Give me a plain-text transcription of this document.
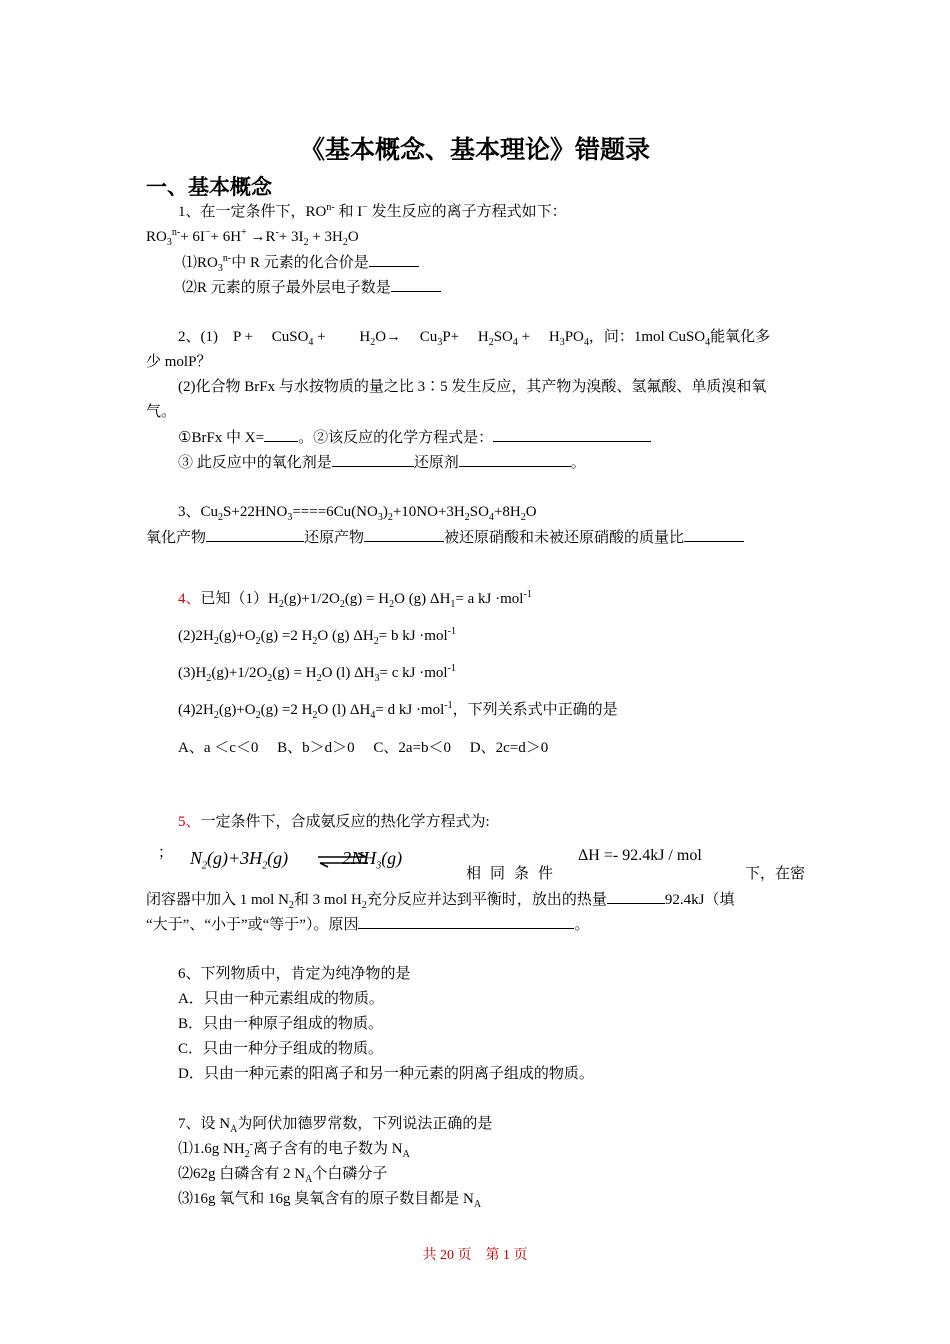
《基本概念、基本理论》错题录
一、基本概念
1、在一定条件下，$RO^{n-}$ 和 I− 发生反应的离子方程式如下：
$RO_3^{n-}+ 6I^-+ 6H^+ \to R^-+ 3I_2 + 3H_2O$
$⑴RO_3^{n-}$中 R 元素的化合价是
⑵R 元素的原子最外层电子数是
2、(1)　P +　 CuSO$_4$ +　　 $H_2O\to$　 $Cu_3P+$　 $H_2SO_4$ +　 $H_3PO_4$，问：1mol CuSO$_4$能氧化多
少 molP？
(2)化合物 BrFx 与水按物质的量之比 3∶5 发生反应，其产物为溴酸、氢氟酸、单质溴和氧
气。
①BrFx 中 X= 。②该反应的化学方程式是：
③ 此反应中的氧化剂是	还原剂	。
3、$Cu_2S+22HNO_3====6Cu(NO_3)_2+10NO+3H_2SO_4+8H_2O$
氧化产物	还原产物	被还原硝酸和未被还原硝酸的质量比
4、已知$(1)H_2(g)+1/2O_2(g) = H_2O$ (g) $\Delta H_1= a$ kJ ·mol$^{-1}$
$(2)2H_2(g)+O_2(g) =2$ $H_2O$ (g) $\Delta H_2= b$ kJ ·mol$^{-1}$
$(3)H_2(g)+1/2O_2(g) = H_2O$ (l) $\Delta H_3= c$ kJ ·mol$^{-1}$
$(4)2H_2(g)+O_2(g) =2$ $H_2O$ (l) $\Delta H_4= d$ kJ ·mol$^{-1}$，下列关系式中正确的是
A、a ＜c＜0　 B、b＞d＞0　 C、2a=b＜0　 D、2c=d＞0
5、一定条件下，合成氨反应的热化学方程式为:
； $N_2(g)+3H_2(g)$	$2NH_3(g)$
相同条件
ΔH =- 92.4kJ / mol
下，在密
闭容器中加入 1 mol $N_2$和 3 mol $H_2$充分反应并达到平衡时，放出的热量	92.4kJ（填
“大于”、“小于”或“等于”）。原因	。
6、下列物质中，肯定为纯净物的是
A．只由一种元素组成的物质。
B．只由一种原子组成的物质。
C．只由一种分子组成的物质。
D．只由一种元素的阳离子和另一种元素的阴离子组成的物质。
7、设 $N_A$为阿伏加德罗常数，下列说法正确的是
⑴1.6g $NH_2^-$离子含有的电子数为 $N_A$
⑵62g 白磷含有 2 $N_A$个白磷分子
⑶16g 氧气和 16g 臭氧含有的原子数目都是 $N_A$
共 20 页　第 1 页
